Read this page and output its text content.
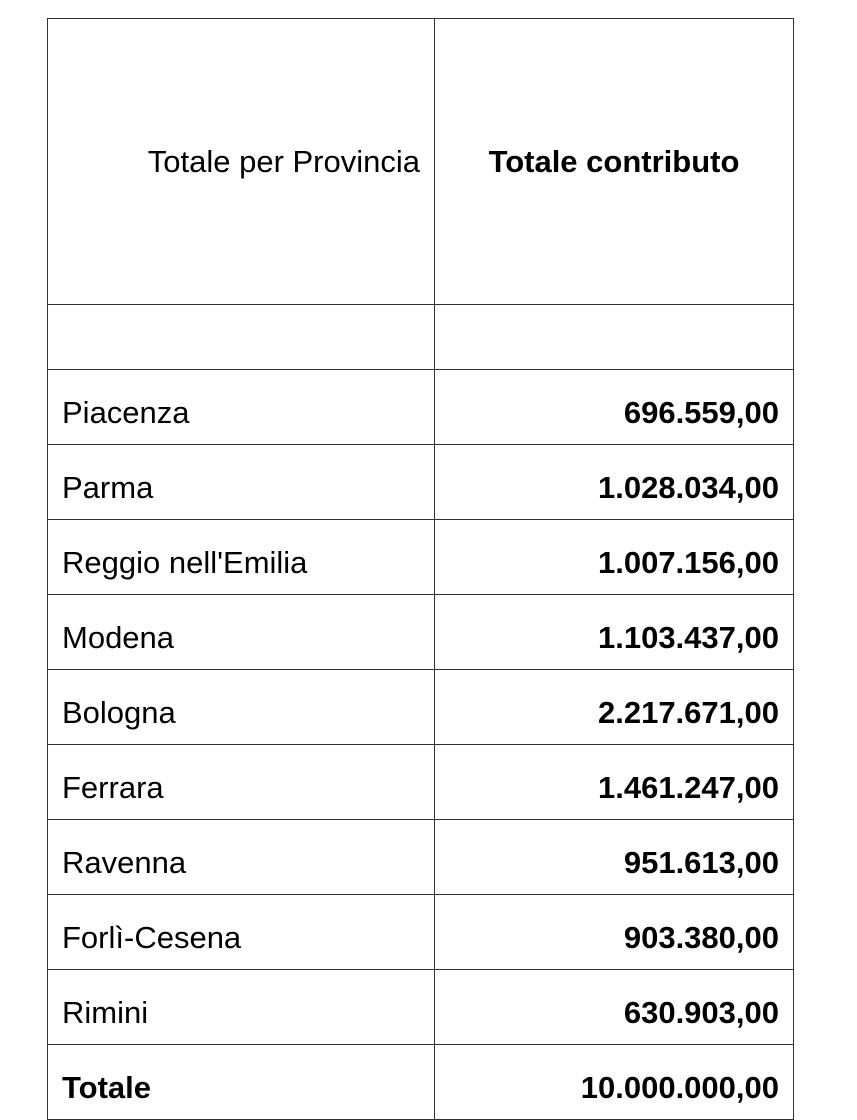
Totale per Provincia	Totale contributo

Piacenza	696.559,00
Parma	1.028.034,00
Reggio nell'Emilia	1.007.156,00
Modena	1.103.437,00
Bologna	2.217.671,00
Ferrara	1.461.247,00
Ravenna	951.613,00
Forlì-Cesena	903.380,00
Rimini	630.903,00
Totale	10.000.000,00
